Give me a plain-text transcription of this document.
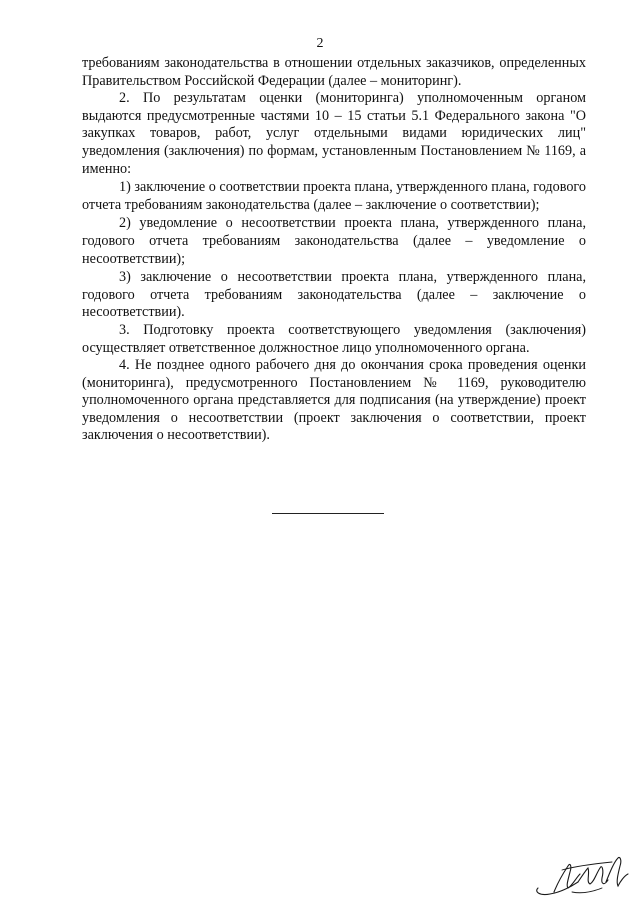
2

требованиям законодательства в отношении отдельных заказчиков, определенных Правительством Российской Федерации (далее – мониторинг).

2. По результатам оценки (мониторинга) уполномоченным органом выдаются предусмотренные частями 10 – 15 статьи 5.1 Федерального закона "О закупках товаров, работ, услуг отдельными видами юридических лиц" уведомления (заключения) по формам, установленным Постановлением № 1169, а именно:

1) заключение о соответствии проекта плана, утвержденного плана, годового отчета требованиям законодательства (далее – заключение о соответствии);

2) уведомление о несоответствии проекта плана, утвержденного плана, годового отчета требованиям законодательства (далее – уведомление о несоответствии);

3) заключение о несоответствии проекта плана, утвержденного плана, годового отчета требованиям законодательства (далее – заключение о несоответствии).

3. Подготовку проекта соответствующего уведомления (заключения) осуществляет ответственное должностное лицо уполномоченного органа.

4. Не позднее одного рабочего дня до окончания срока проведения оценки (мониторинга), предусмотренного Постановлением № 1169, руководителю уполномоченного органа представляется для подписания (на утверждение) проект уведомления о несоответствии (проект заключения о соответствии, проект заключения о несоответствии).
